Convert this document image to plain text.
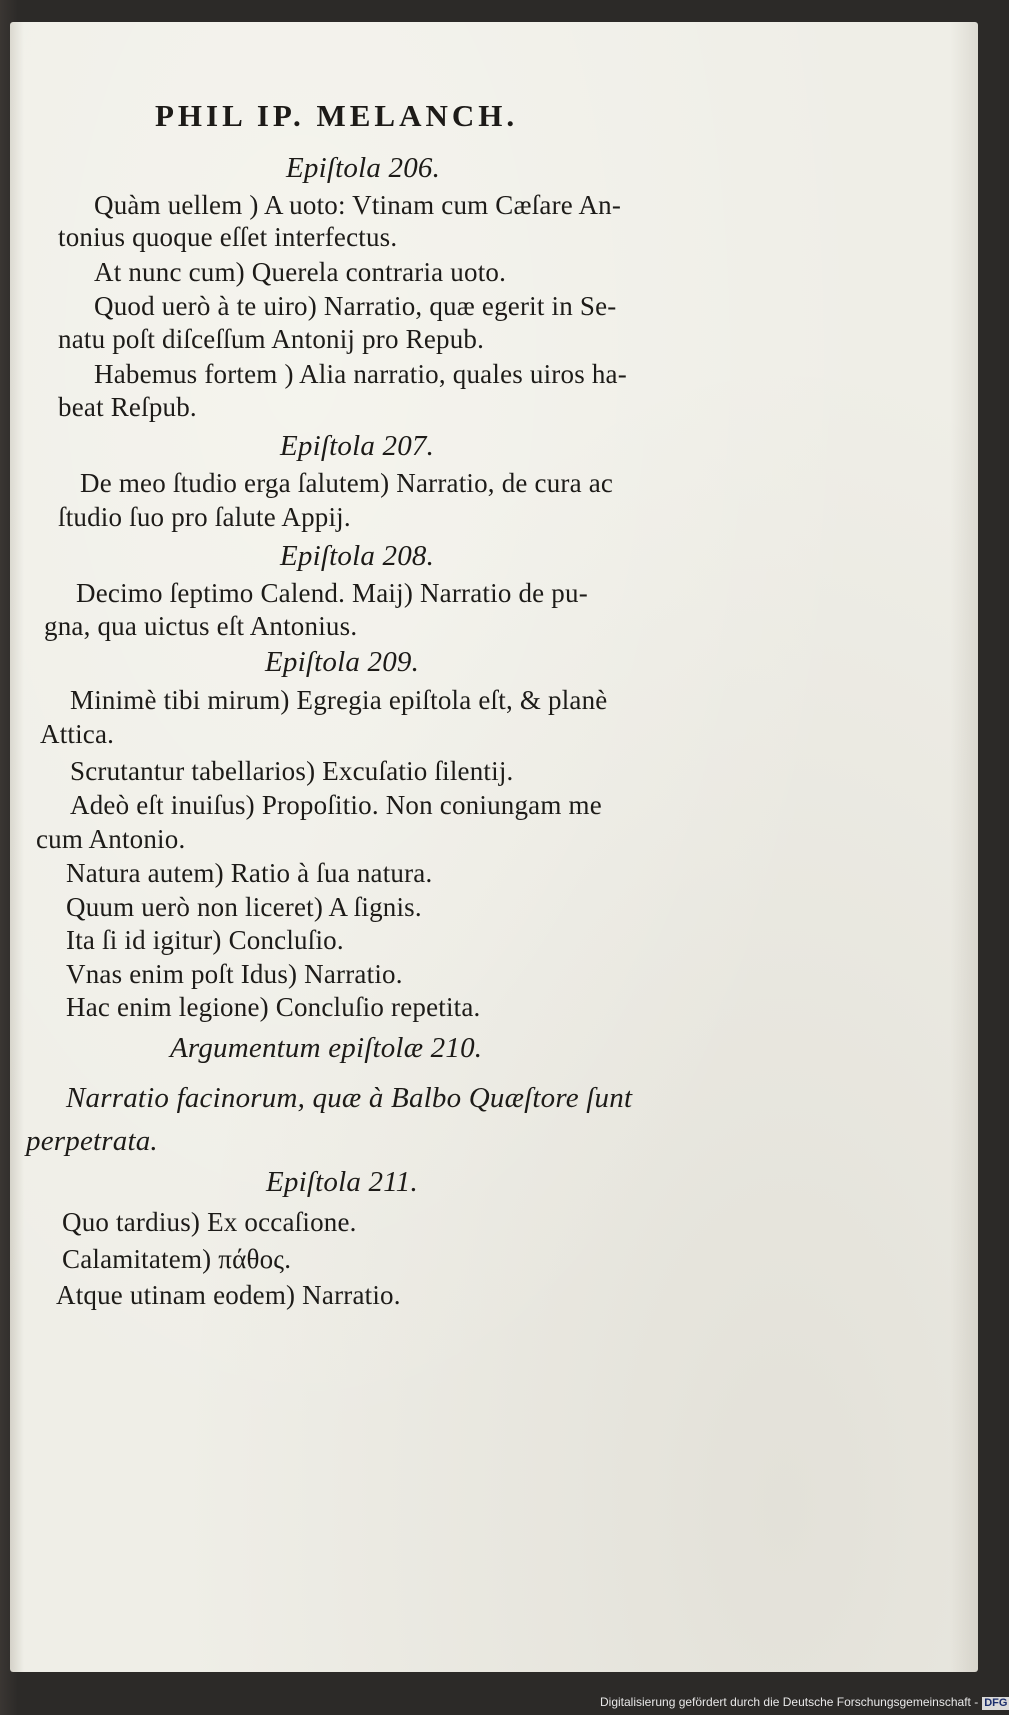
PHIL IP. MELANCH.
Epiſtola 206.
Quàm uellem ) A uoto: Vtinam cum Cæſare An-
tonius quoque eſſet interfectus.
At nunc cum) Querela contraria uoto.
Quod uerò à te uiro) Narratio, quæ egerit in Se-
natu poſt diſceſſum Antonij pro Repub.
Habemus fortem ) Alia narratio, quales uiros ha-
beat Reſpub.
Epiſtola 207.
De meo ſtudio erga ſalutem) Narratio, de cura ac
ſtudio ſuo pro ſalute Appij.
Epiſtola 208.
Decimo ſeptimo Calend. Maij) Narratio de pu-
gna, qua uictus eſt Antonius.
Epiſtola 209.
Minimè tibi mirum) Egregia epiſtola eſt, & planè
Attica.
Scrutantur tabellarios) Excuſatio ſilentij.
Adeò eſt inuiſus) Propoſitio. Non coniungam me
cum Antonio.
Natura autem) Ratio à ſua natura.
Quum uerò non liceret) A ſignis.
Ita ſi id igitur) Concluſio.
Vnas enim poſt Idus) Narratio.
Hac enim legione) Concluſio repetita.
Argumentum epiſtolæ 210.
Narratio facinorum, quæ à Balbo Quæſtore ſunt
perpetrata.
Epiſtola 211.
Quo tardius) Ex occaſione.
Calamitatem) πάθος.
Atque utinam eodem) Narratio.
Digitalisierung gefördert durch die Deutsche Forschungsgemeinschaft - DFG
